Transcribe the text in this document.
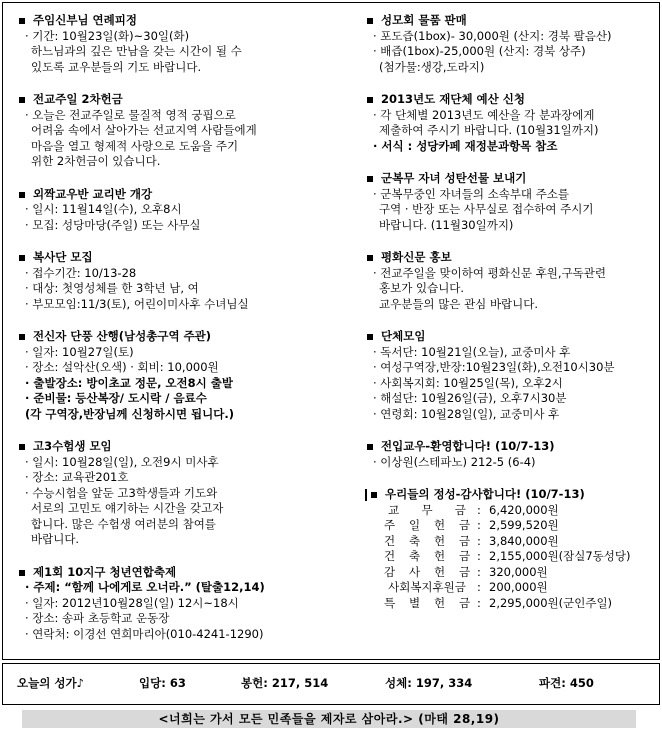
주임신부님 연례피정
· 기간: 10월23일(화)~30일(화)
하느님과의 깊은 만남을 갖는 시간이 될 수
있도록 교우분들의 기도 바랍니다.
전교주일 2차헌금
· 오늘은 전교주일로 물질적 영적 궁핍으로
어려움 속에서 살아가는 선교지역 사람들에게
마음을 열고 형제적 사랑으로 도움을 주기
위한 2차헌금이 있습니다.
외짝교우반 교리반 개강
· 일시: 11월14일(수), 오후8시
· 모집: 성당마당(주일) 또는 사무실
복사단 모집
· 접수기간: 10/13-28
· 대상: 첫영성체를 한 3학년 남, 여
· 부모모임:11/3(토), 어린이미사후 수녀님실
전신자 단풍 산행(남성총구역 주관)
· 일자: 10월27일(토)
· 장소: 설악산(오색) · 회비: 10,000원
· 출발장소: 방이초교 정문, 오전8시 출발
· 준비물: 등산복장/ 도시락 / 음료수
(각 구역장,반장님께 신청하시면 됩니다.)
고3수험생 모임
· 일시: 10월28일(일), 오전9시 미사후
· 장소: 교육관201호
· 수능시험을 앞둔 고3학생들과 기도와
서로의 고민도 얘기하는 시간을 갖고자
합니다. 많은 수험생 여러분의 참여를
바랍니다.
제1회 10지구 청년연합축제
· 주제: “함께 나에게로 오너라.” (탈출12,14)
· 일자: 2012년10월28일(일) 12시~18시
· 장소: 송파 초등학교 운동장
· 연락처: 이경선 연희마리아(010-4241-1290)
성모회 물품 판매
· 포도즙(1box)- 30,000원 (산지: 경북 팔음산)
· 배즙(1box)-25,000원 (산지: 경북 상주)
(첨가물:생강,도라지)
2013년도 재단체 예산 신청
· 각 단체별 2013년도 예산을 각 분과장에게
제출하여 주시기 바랍니다. (10월31일까지)
· 서식 : 성당카페 재정분과항목 참조
군복무 자녀 성탄선물 보내기
· 군복무중인 자녀들의 소속부대 주소를
구역 · 반장 또는 사무실로 접수하여 주시기
바랍니다. (11월30일까지)
평화신문 홍보
· 전교주일을 맞이하여 평화신문 후원,구독관련
홍보가 있습니다.
교우분들의 많은 관심 바랍니다.
단체모임
· 독서단: 10월21일(오늘), 교중미사 후
· 여성구역장,반장:10월23일(화),오전10시30분
· 사회복지회: 10월25일(목), 오후2시
· 해설단: 10월26일(금), 오후7시30분
· 연령회: 10월28일(일), 교중미사 후
전입교우-환영합니다! (10/7-13)
· 이상원(스테파노) 212-5 (6-4)
우리들의 정성-감사합니다! (10/7-13)
교	무	금 : 6,420,000원
주	일	헌	금 : 2,599,520원
건	축	헌	금 : 3,840,000원
건	축	헌	금 : 2,155,000원(잠실7동성당)
감	사	헌	금 : 320,000원
사회복지후원금 : 200,000원
특	별	헌	금 : 2,295,000원(군인주일)
오늘의 성가♪	입당: 63	봉헌: 217, 514	성체: 197, 334	파견: 450
<너희는 가서 모든 민족들을 제자로 삼아라.> (마태 28,19)
